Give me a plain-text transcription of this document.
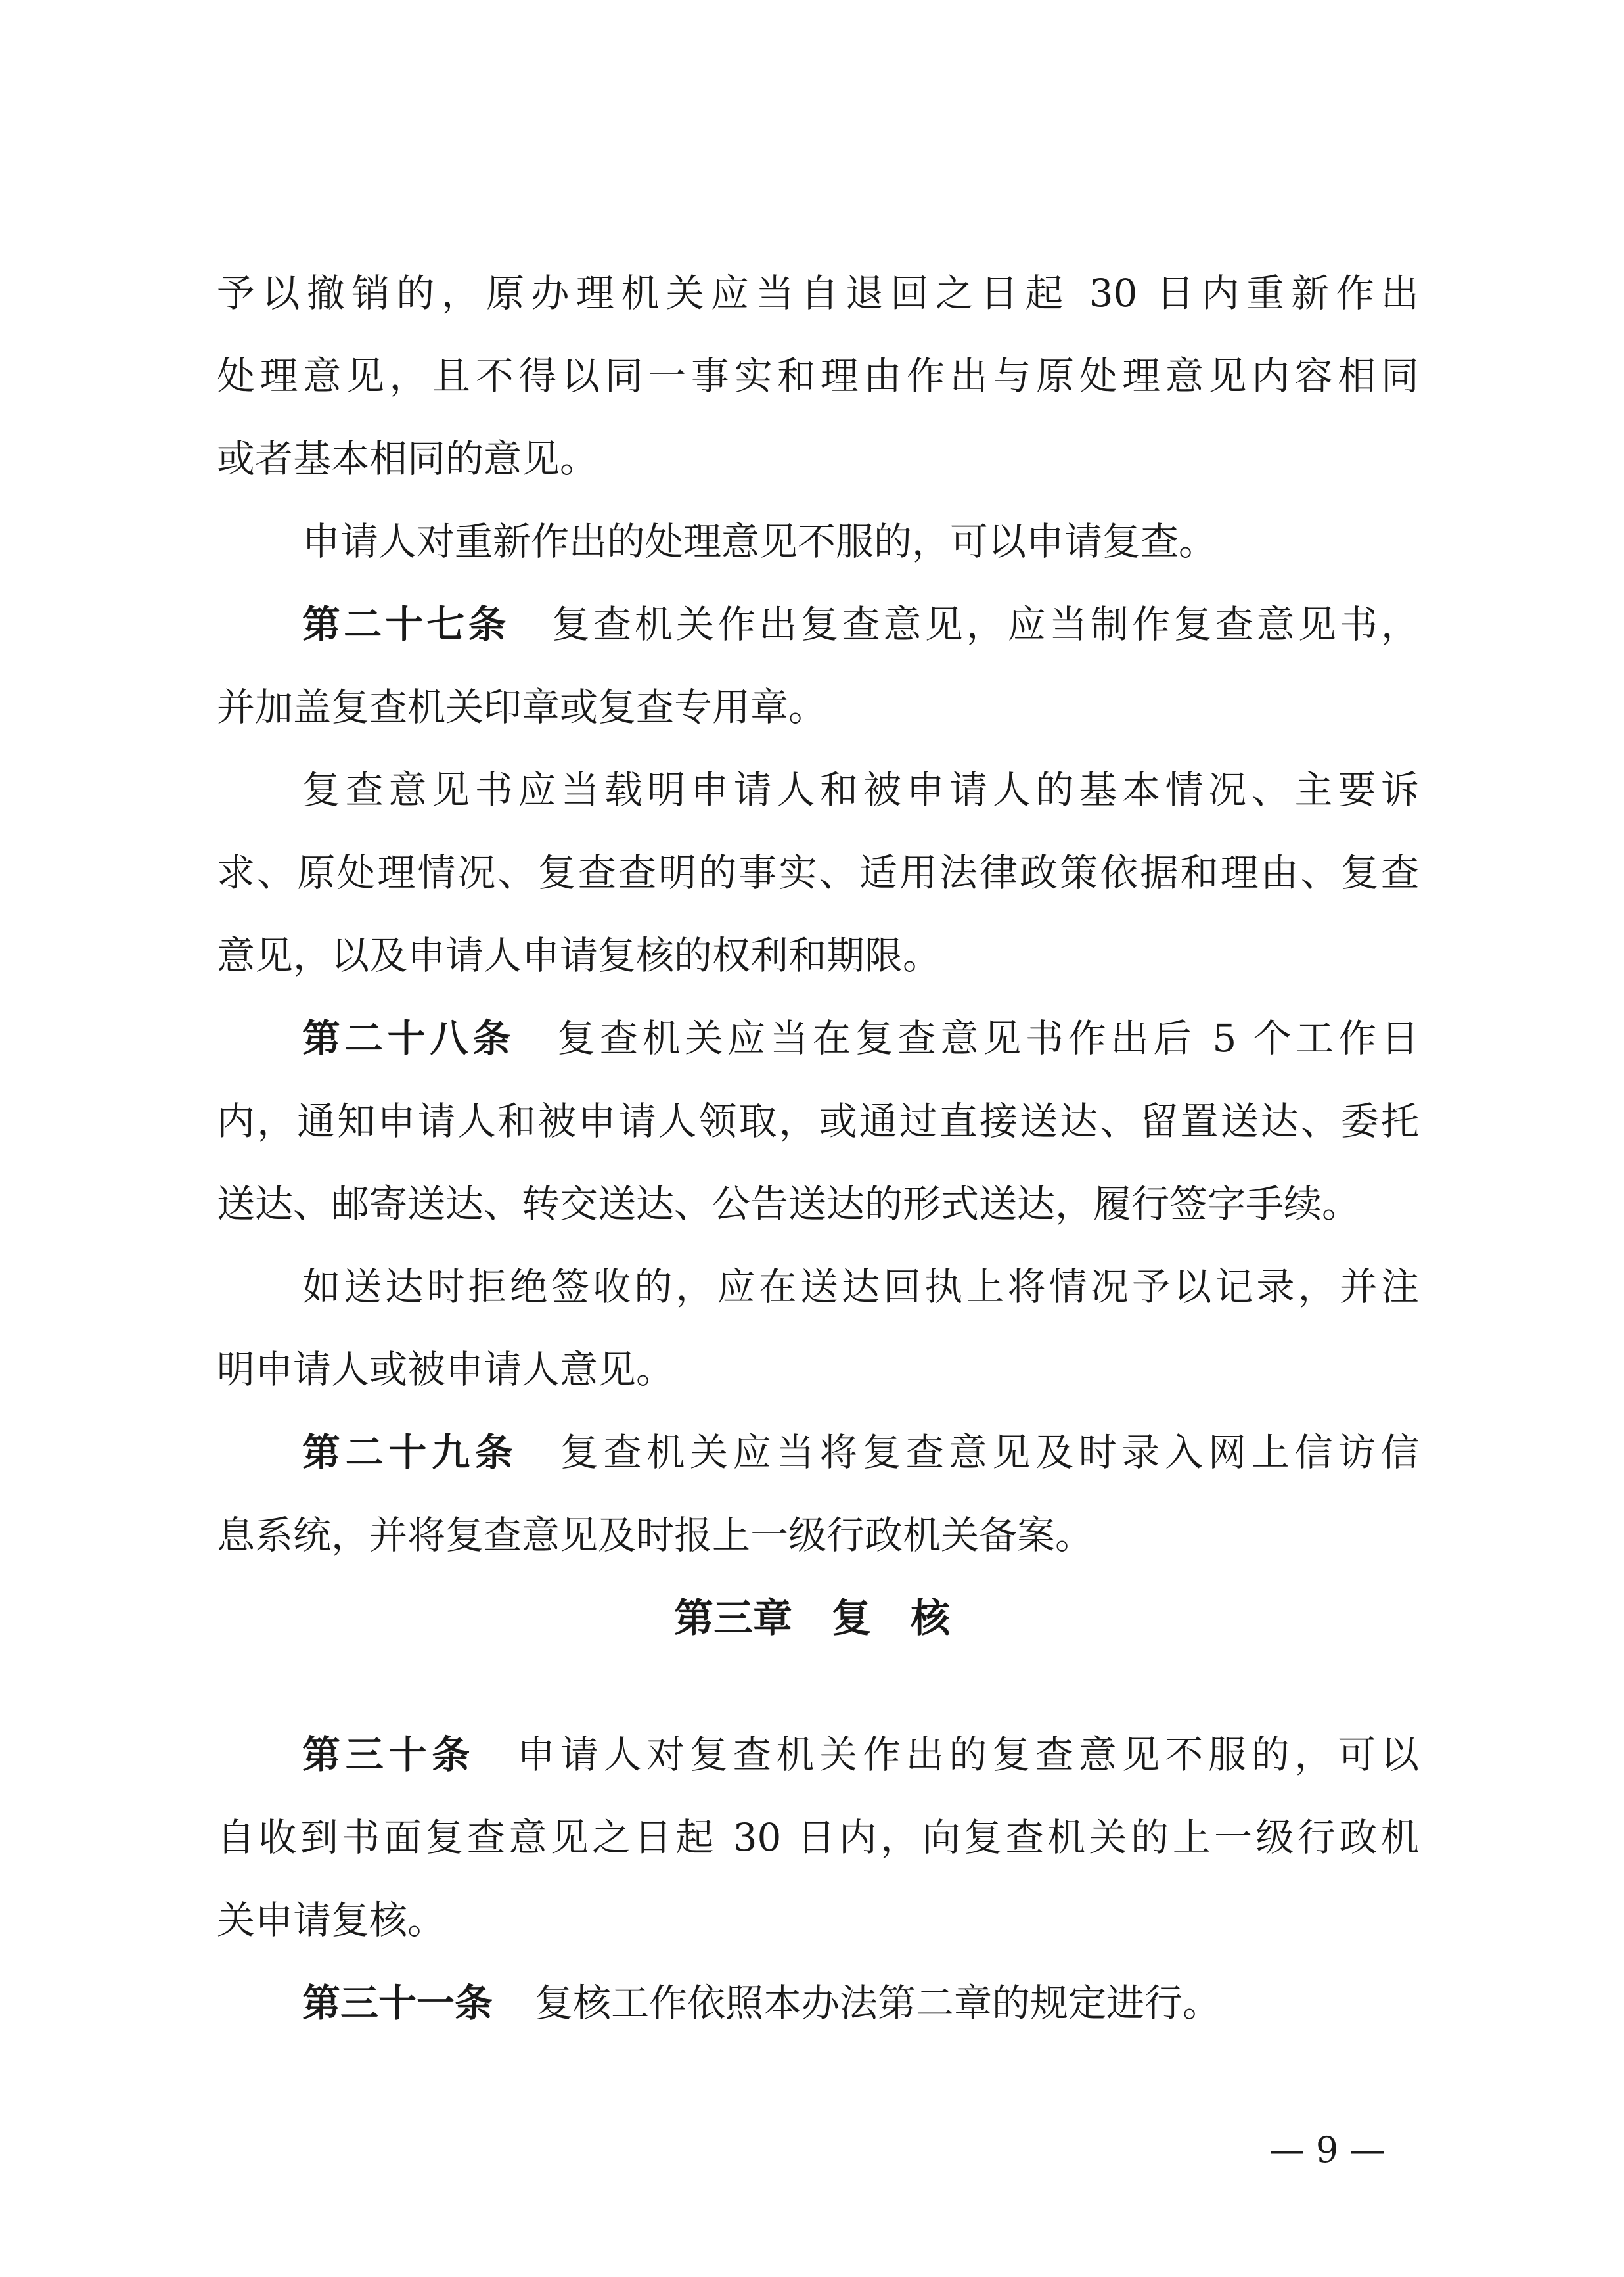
予以撤销的，原办理机关应当自退回之日起 30 日内重新作出
处理意见，且不得以同一事实和理由作出与原处理意见内容相同
或者基本相同的意见。
申请人对重新作出的处理意见不服的，可以申请复查。
第二十七条 复查机关作出复查意见，应当制作复查意见书，
并加盖复查机关印章或复查专用章。
复查意见书应当载明申请人和被申请人的基本情况、主要诉
求、原处理情况、复查查明的事实、适用法律政策依据和理由、复查
意见，以及申请人申请复核的权利和期限。
第二十八条 复查机关应当在复查意见书作出后 5 个工作日
内，通知申请人和被申请人领取，或通过直接送达、留置送达、委托
送达、邮寄送达、转交送达、公告送达的形式送达，履行签字手续。
如送达时拒绝签收的，应在送达回执上将情况予以记录，并注
明申请人或被申请人意见。
第二十九条 复查机关应当将复查意见及时录入网上信访信
息系统，并将复查意见及时报上一级行政机关备案。
第三章　复　核
第三十条 申请人对复查机关作出的复查意见不服的，可以
自收到书面复查意见之日起 30 日内，向复查机关的上一级行政机
关申请复核。
第三十一条 复核工作依照本办法第二章的规定进行。
— 9 —
